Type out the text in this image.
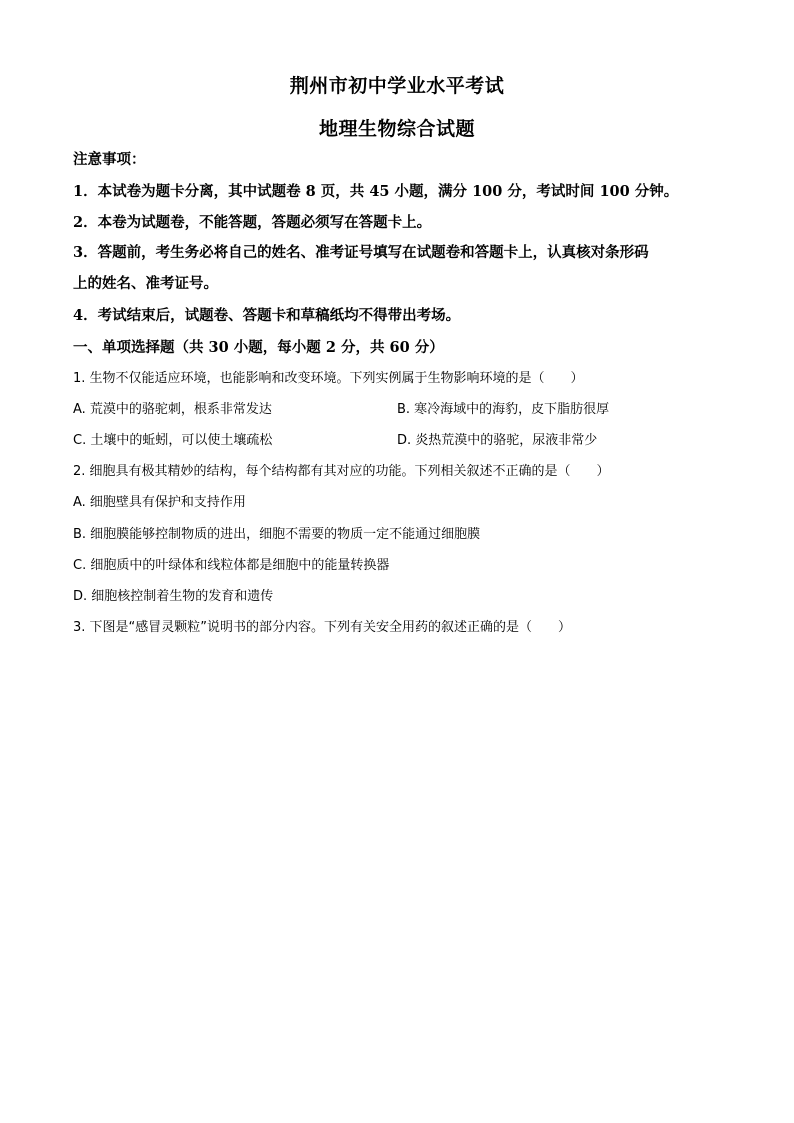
荆州市初中学业水平考试
地理生物综合试题
注意事项：
1．本试卷为题卡分离，其中试题卷 8 页，共 45 小题，满分 100 分，考试时间 100 分钟。
2．本卷为试题卷，不能答题，答题必须写在答题卡上。
3．答题前，考生务必将自己的姓名、准考证号填写在试题卷和答题卡上，认真核对条形码
上的姓名、准考证号。
4．考试结束后，试题卷、答题卡和草稿纸均不得带出考场。
一、单项选择题（共 30 小题，每小题 2 分，共 60 分）
1. 生物不仅能适应环境，也能影响和改变环境。下列实例属于生物影响环境的是（　　）
A. 荒漠中的骆驼刺，根系非常发达	B. 寒冷海域中的海豹，皮下脂肪很厚
C. 土壤中的蚯蚓，可以使土壤疏松	D. 炎热荒漠中的骆驼，尿液非常少
2. 细胞具有极其精妙的结构，每个结构都有其对应的功能。下列相关叙述不正确的是（　　）
A. 细胞壁具有保护和支持作用
B. 细胞膜能够控制物质的进出，细胞不需要的物质一定不能通过细胞膜
C. 细胞质中的叶绿体和线粒体都是细胞中的能量转换器
D. 细胞核控制着生物的发育和遗传
3. 下图是“感冒灵颗粒”说明书的部分内容。下列有关安全用药的叙述正确的是（　　）
